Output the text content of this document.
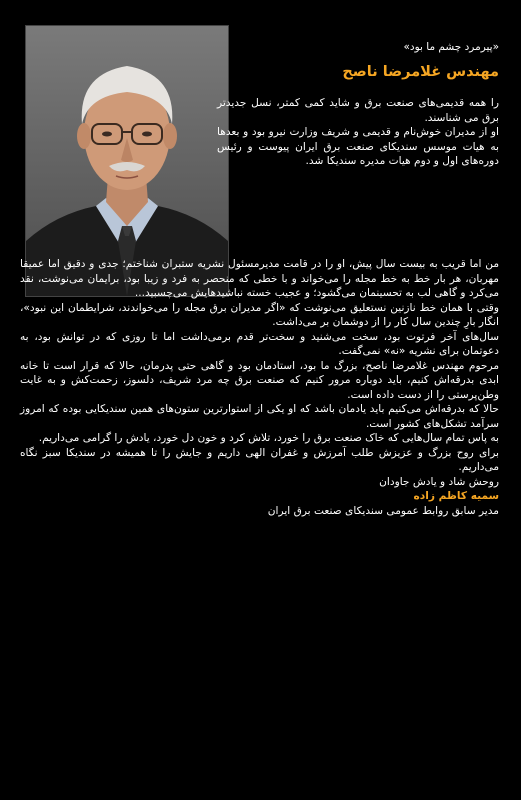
«پیرمرد چشم ما بود»

مهندس غلامرضا ناصح

را همه قدیمی‌های صنعت برق و شاید کمی کمتر، نسل جدیدتر برق می شناسند.

او از مدیران خوش‌نام و قدیمی و شریف وزارت نیرو بود و بعدها به هیات موسس سندیکای صنعت برق ایران پیوست و رئیس دوره‌های اول و دوم هیات مدیره سندیکا شد.

من اما قریب به بیست سال پیش، او را در قامت مدیرمسئول نشریه ستبران شناختم؛ جدی و دقیق اما عمیقا مهربان، هر بار خط به خط مجله را می‌خواند و با خطی که منحصر به فرد و زیبا بود، برایمان می‌نوشت، نقد می‌کرد و گاهی لب به تحسینمان می‌گشود؛ و عجیب خسته نباشیدهایش می‌چسبید...

وقتی با همان خط نازنین نستعلیق می‌نوشت که «اگر مدیران برق مجله را می‌خواندند، شرایطمان این نبود»، انگار بارِ چندین سال کار را از دوشمان بر می‌داشت.

سال‌های آخر فرتوت بود، سخت می‌شنید و سخت‌تر قدم برمی‌داشت اما تا روزی که در توانش بود، به دعوتمان برای نشریه «نه» نمی‌گفت.

مرحوم مهندس غلامرضا ناصح، بزرگ ما بود، استادمان بود و گاهی حتی پدرمان، حالا که قرار است تا خانه ابدی بدرقه‌اش کنیم، باید دوباره مرور کنیم که صنعت برق چه مرد شریف، دلسوز، زحمت‌کش و به غایت وطن‌پرستی را از دست داده است.

حالا که بدرقه‌اش می‌کنیم باید یادمان باشد که او یکی از استوارترین ستون‌های همین سندیکایی بوده که امروز سرآمد تشکل‌های کشور است.

به پاس تمام سال‌هایی که خاک صنعت برق را خورد، تلاش کرد و خون دل خورد، یادش را گرامی می‌داریم.

برای روح بزرگ و عزیزش طلب آمرزش و غفران الهی داریم و جایش را تا همیشه در سندیکا سبز نگاه می‌داریم.

روحش شاد و یادش جاودان

سمیه کاظم زاده

مدیر سابق روابط عمومی سندیکای صنعت برق ایران
